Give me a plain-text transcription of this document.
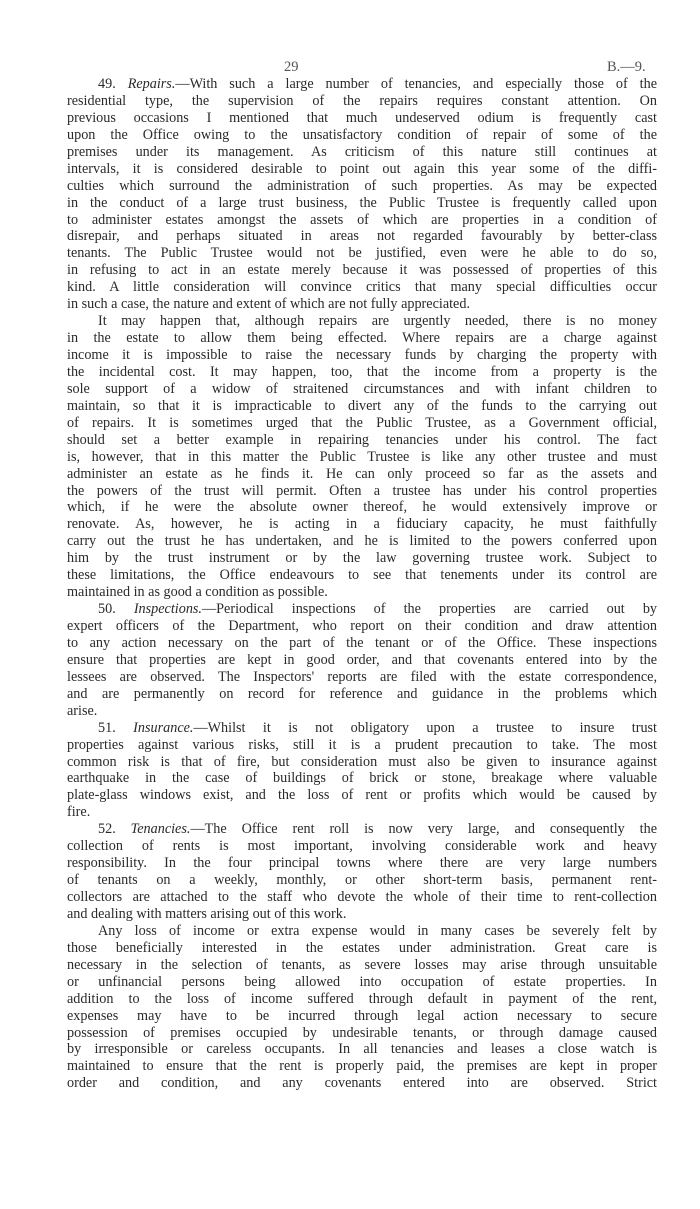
29	B.—9.
49. Repairs.—With such a large number of tenancies, and especially those of the
residential type, the supervision of the repairs requires constant attention. On
previous occasions I mentioned that much undeserved odium is frequently cast
upon the Office owing to the unsatisfactory condition of repair of some of the
premises under its management. As criticism of this nature still continues at
intervals, it is considered desirable to point out again this year some of the diffi-
culties which surround the administration of such properties. As may be expected
in the conduct of a large trust business, the Public Trustee is frequently called upon
to administer estates amongst the assets of which are properties in a condition of
disrepair, and perhaps situated in areas not regarded favourably by better-class
tenants. The Public Trustee would not be justified, even were he able to do so,
in refusing to act in an estate merely because it was possessed of properties of this
kind. A little consideration will convince critics that many special difficulties occur
in such a case, the nature and extent of which are not fully appreciated.
It may happen that, although repairs are urgently needed, there is no money
in the estate to allow them being effected. Where repairs are a charge against
income it is impossible to raise the necessary funds by charging the property with
the incidental cost. It may happen, too, that the income from a property is the
sole support of a widow of straitened circumstances and with infant children to
maintain, so that it is impracticable to divert any of the funds to the carrying out
of repairs. It is sometimes urged that the Public Trustee, as a Government official,
should set a better example in repairing tenancies under his control. The fact
is, however, that in this matter the Public Trustee is like any other trustee and must
administer an estate as he finds it. He can only proceed so far as the assets and
the powers of the trust will permit. Often a trustee has under his control properties
which, if he were the absolute owner thereof, he would extensively improve or
renovate. As, however, he is acting in a fiduciary capacity, he must faithfully
carry out the trust he has undertaken, and he is limited to the powers conferred upon
him by the trust instrument or by the law governing trustee work. Subject to
these limitations, the Office endeavours to see that tenements under its control are
maintained in as good a condition as possible.
50. Inspections.—Periodical inspections of the properties are carried out by
expert officers of the Department, who report on their condition and draw attention
to any action necessary on the part of the tenant or of the Office. These inspections
ensure that properties are kept in good order, and that covenants entered into by the
lessees are observed. The Inspectors' reports are filed with the estate correspondence,
and are permanently on record for reference and guidance in the problems which
arise.
51. Insurance.—Whilst it is not obligatory upon a trustee to insure trust
properties against various risks, still it is a prudent precaution to take. The most
common risk is that of fire, but consideration must also be given to insurance against
earthquake in the case of buildings of brick or stone, breakage where valuable
plate-glass windows exist, and the loss of rent or profits which would be caused by
fire.
52. Tenancies.—The Office rent roll is now very large, and consequently the
collection of rents is most important, involving considerable work and heavy
responsibility. In the four principal towns where there are very large numbers
of tenants on a weekly, monthly, or other short-term basis, permanent rent-
collectors are attached to the staff who devote the whole of their time to rent-collection
and dealing with matters arising out of this work.
Any loss of income or extra expense would in many cases be severely felt by
those beneficially interested in the estates under administration. Great care is
necessary in the selection of tenants, as severe losses may arise through unsuitable
or unfinancial persons being allowed into occupation of estate properties. In
addition to the loss of income suffered through default in payment of the rent,
expenses may have to be incurred through legal action necessary to secure
possession of premises occupied by undesirable tenants, or through damage caused
by irresponsible or careless occupants. In all tenancies and leases a close watch is
maintained to ensure that the rent is properly paid, the premises are kept in proper
order and condition, and any covenants entered into are observed. Strict
